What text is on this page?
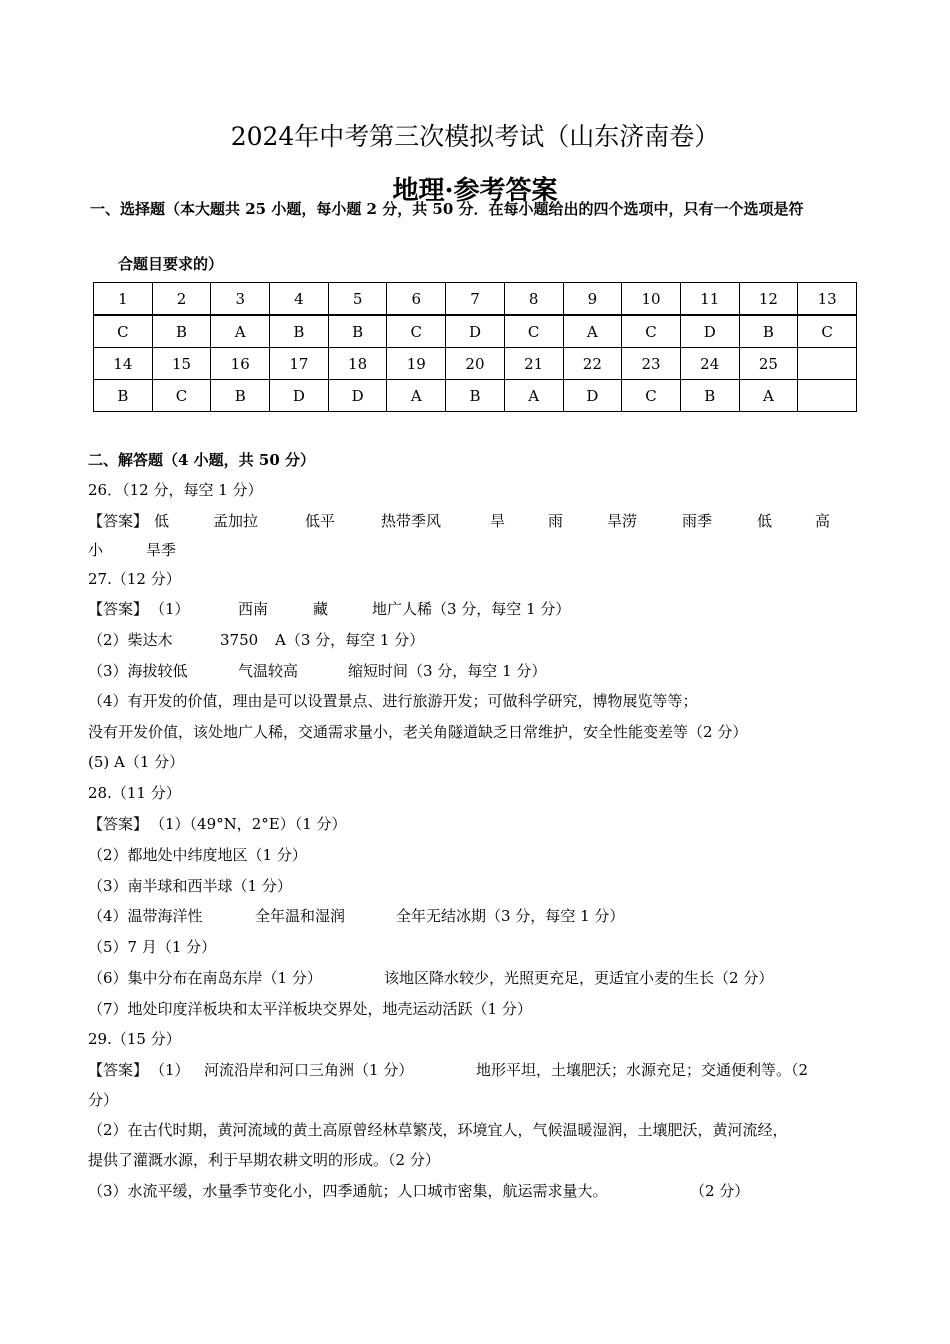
2024年中考第三次模拟考试（山东济南卷）
地理·参考答案
一、选择题（本大题共 25 小题，每小题 2 分，共 50 分．在每小题给出的四个选项中，只有一个选项是符
合题目要求的）
1	2	3	4	5	6	7	8	9	10	11	12	13
C	B	A	B	B	C	D	C	A	C	D	B	C
14	15	16	17	18	19	20	21	22	23	24	25	
B	C	B	D	D	A	B	A	D	C	B	A	
二、解答题（4 小题，共 50 分）
26．（12 分，每空 1 分）
【答案】 低	孟加拉	低平	热带季风	旱	雨	旱涝	雨季	低	高
小	旱季
27.（12 分）
【答案】 （1）	西南	藏	地广人稀（3 分，每空 1 分）
（2）柴达木	3750 A（3 分，每空 1 分）
（3）海拔较低	气温较高	缩短时间（3 分，每空 1 分）
（4）有开发的价值，理由是可以设置景点、进行旅游开发；可做科学研究，博物展览等等；
没有开发价值，该处地广人稀，交通需求量小，老关角隧道缺乏日常维护，安全性能变差等（2 分）
(5) A（1 分）
28.（11 分）
【答案】 （1）（49°N，2°E）（1 分）
（2）都地处中纬度地区（1 分）
（3）南半球和西半球（1 分）
（4）温带海洋性	全年温和湿润	全年无结冰期（3 分，每空 1 分）
（5）7 月（1 分）
（6）集中分布在南岛东岸（1 分）	该地区降水较少，光照更充足，更适宜小麦的生长（2 分）
（7）地处印度洋板块和太平洋板块交界处，地壳运动活跃（1 分）
29.（15 分）
【答案】 （1） 河流沿岸和河口三角洲（1 分）	地形平坦，土壤肥沃；水源充足；交通便利等。（2
分）
（2）在古代时期，黄河流域的黄土高原曾经林草繁茂，环境宜人，气候温暖湿润，土壤肥沃，黄河流经，
提供了灌溉水源，利于早期农耕文明的形成。（2 分）
（3）水流平缓，水量季节变化小，四季通航；人口城市密集，航运需求量大。	（2 分）
